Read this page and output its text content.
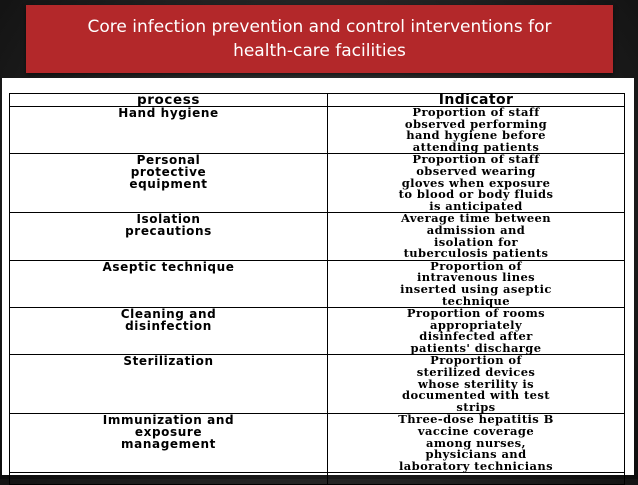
Core infection prevention and control interventions for
health-care facilities
process	Indicator

Hand hygiene	Proportion of staff
observed performing
hand hygiene before
attending patients

Personal
protective
equipment	Proportion of staff
observed wearing
gloves when exposure
to blood or body fluids
is anticipated

Isolation
precautions	Average time between
admission and
isolation for
tuberculosis patients

Aseptic technique	Proportion of
intravenous lines
inserted using aseptic
technique

Cleaning and
disinfection	Proportion of rooms
appropriately
disinfected after
patients' discharge

Sterilization	Proportion of
sterilized devices
whose sterility is
documented with test
strips

Immunization and
exposure
management	Three-dose hepatitis B
vaccine coverage
among nurses,
physicians and
laboratory technicians
